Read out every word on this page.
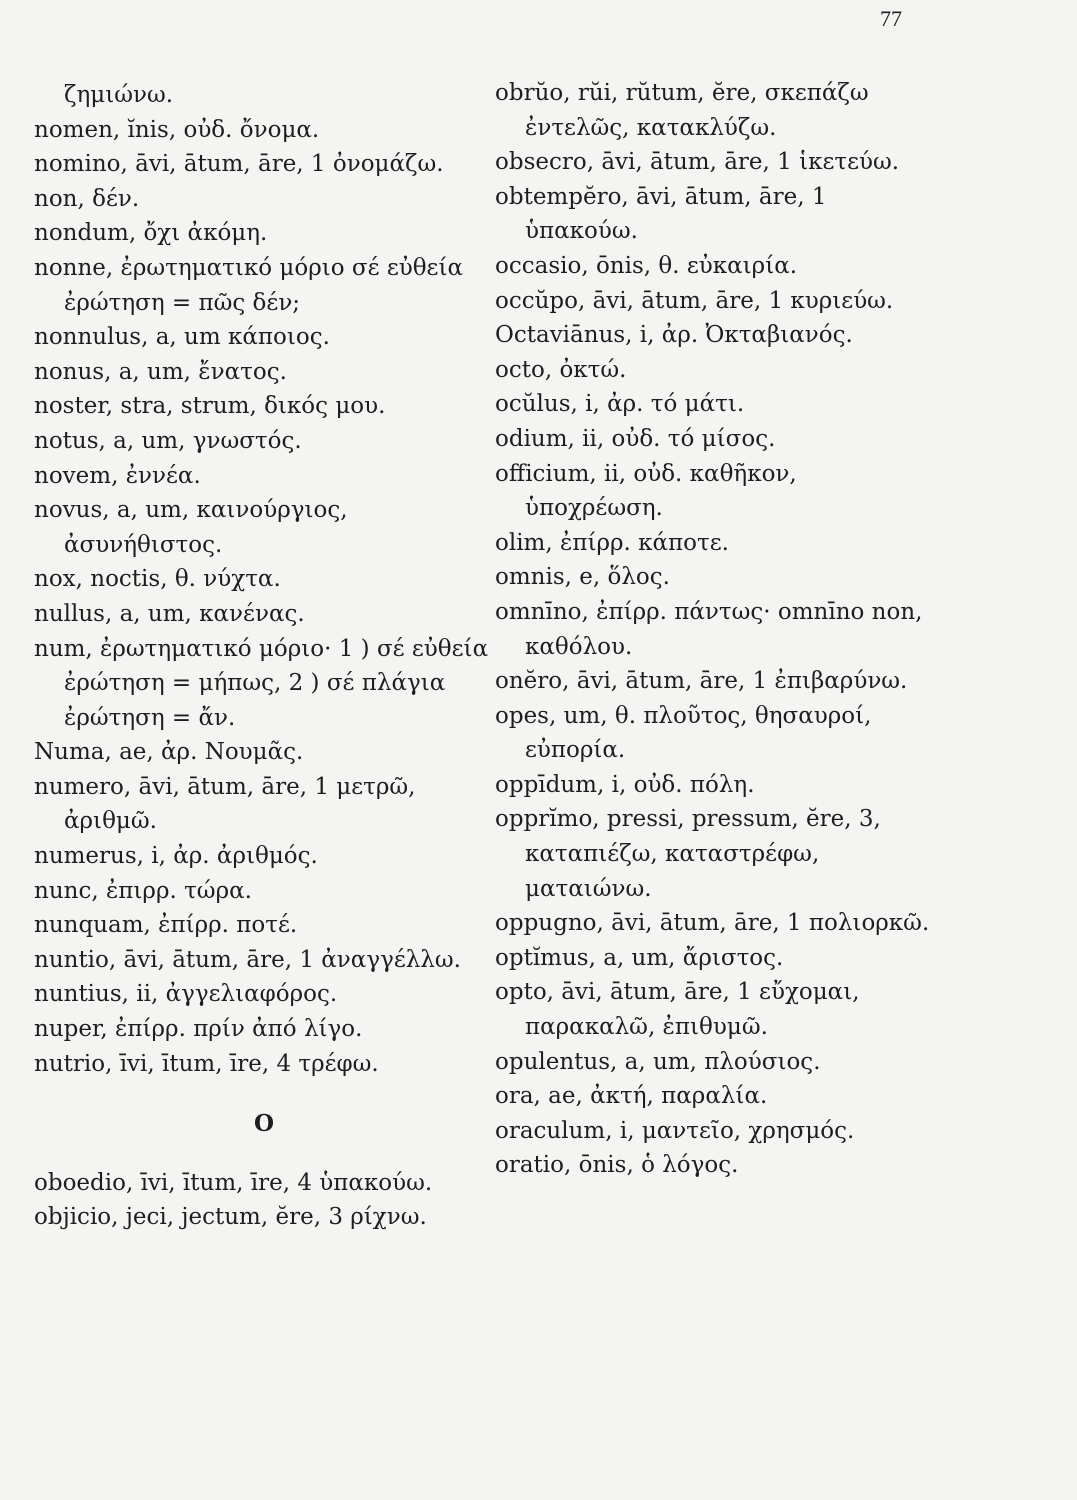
77

ζημιώνω.

nomen, ĭnis, οὐδ. ὄνομα.

nomino, āvi, ātum, āre, 1 ὀνομάζω.

non, δέν.

nondum, ὄχι ἀκόμη.

nonne, ἐρωτηματικό μόριο σέ εὐθεία ἐρώτηση = πῶς δέν;

nonnulus, a, um κάποιος.

nonus, a, um, ἔνατος.

noster, stra, strum, δικός μου.

notus, a, um, γνωστός.

novem, ἐννέα.

novus, a, um, καινούργιος, ἀσυνήθιστος.

nox, noctis, θ. νύχτα.

nullus, a, um, κανένας.

num, ἐρωτηματικό μόριο· 1 ) σέ εὐθεία ἐρώτηση = μήπως, 2 ) σέ πλάγια ἐρώτηση = ἄν.

Numa, ae, ἀρ. Νουμᾶς.

numero, āvi, ātum, āre, 1 μετρῶ, ἀριθμῶ.

numerus, i, ἀρ. ἀριθμός.

nunc, ἐπιρρ. τώρα.

nunquam, ἐπίρρ. ποτέ.

nuntio, āvi, ātum, āre, 1 ἀναγγέλλω.

nuntius, ii, ἀγγελιαφόρος.

nuper, ἐπίρρ. πρίν ἀπό λίγο.

nutrio, īvi, ītum, īre, 4 τρέφω.

O

oboedio, īvi, ītum, īre, 4 ὑπακούω.

objicio, jeci, jectum, ĕre, 3 ρίχνω.

obrŭo, rŭi, rŭtum, ĕre, σκεπάζω ἐντελῶς, κατακλύζω.

obsecro, āvi, ātum, āre, 1 ἱκετεύω.

obtempĕro, āvi, ātum, āre, 1 ὑπακούω.

occasio, ōnis, θ. εὐκαιρία.

occŭpo, āvi, ātum, āre, 1 κυριεύω.

Octaviānus, i, ἀρ. Ὀκταβιανός.

octo, ὀκτώ.

ocŭlus, i, ἀρ. τό μάτι.

odium, ii, οὐδ. τό μίσος.

officium, ii, οὐδ. καθῆκον, ὑποχρέωση.

olim, ἐπίρρ. κάποτε.

omnis, e, ὅλος.

omnīno, ἐπίρρ. πάντως· omnīno non, καθόλου.

onĕro, āvi, ātum, āre, 1 ἐπιβαρύνω.

opes, um, θ. πλοῦτος, θησαυροί, εὐπορία.

oppīdum, i, οὐδ. πόλη.

opprĭmo, pressi, pressum, ĕre, 3, καταπιέζω, καταστρέφω, ματαιώνω.

oppugno, āvi, ātum, āre, 1 πολιορκῶ.

optĭmus, a, um, ἄριστος.

opto, āvi, ātum, āre, 1 εὔχομαι, παρακαλῶ, ἐπιθυμῶ.

opulentus, a, um, πλούσιος.

ora, ae, ἀκτή, παραλία.

oraculum, i, μαντεῖο, χρησμός.

oratio, ōnis, ὁ λόγος.
